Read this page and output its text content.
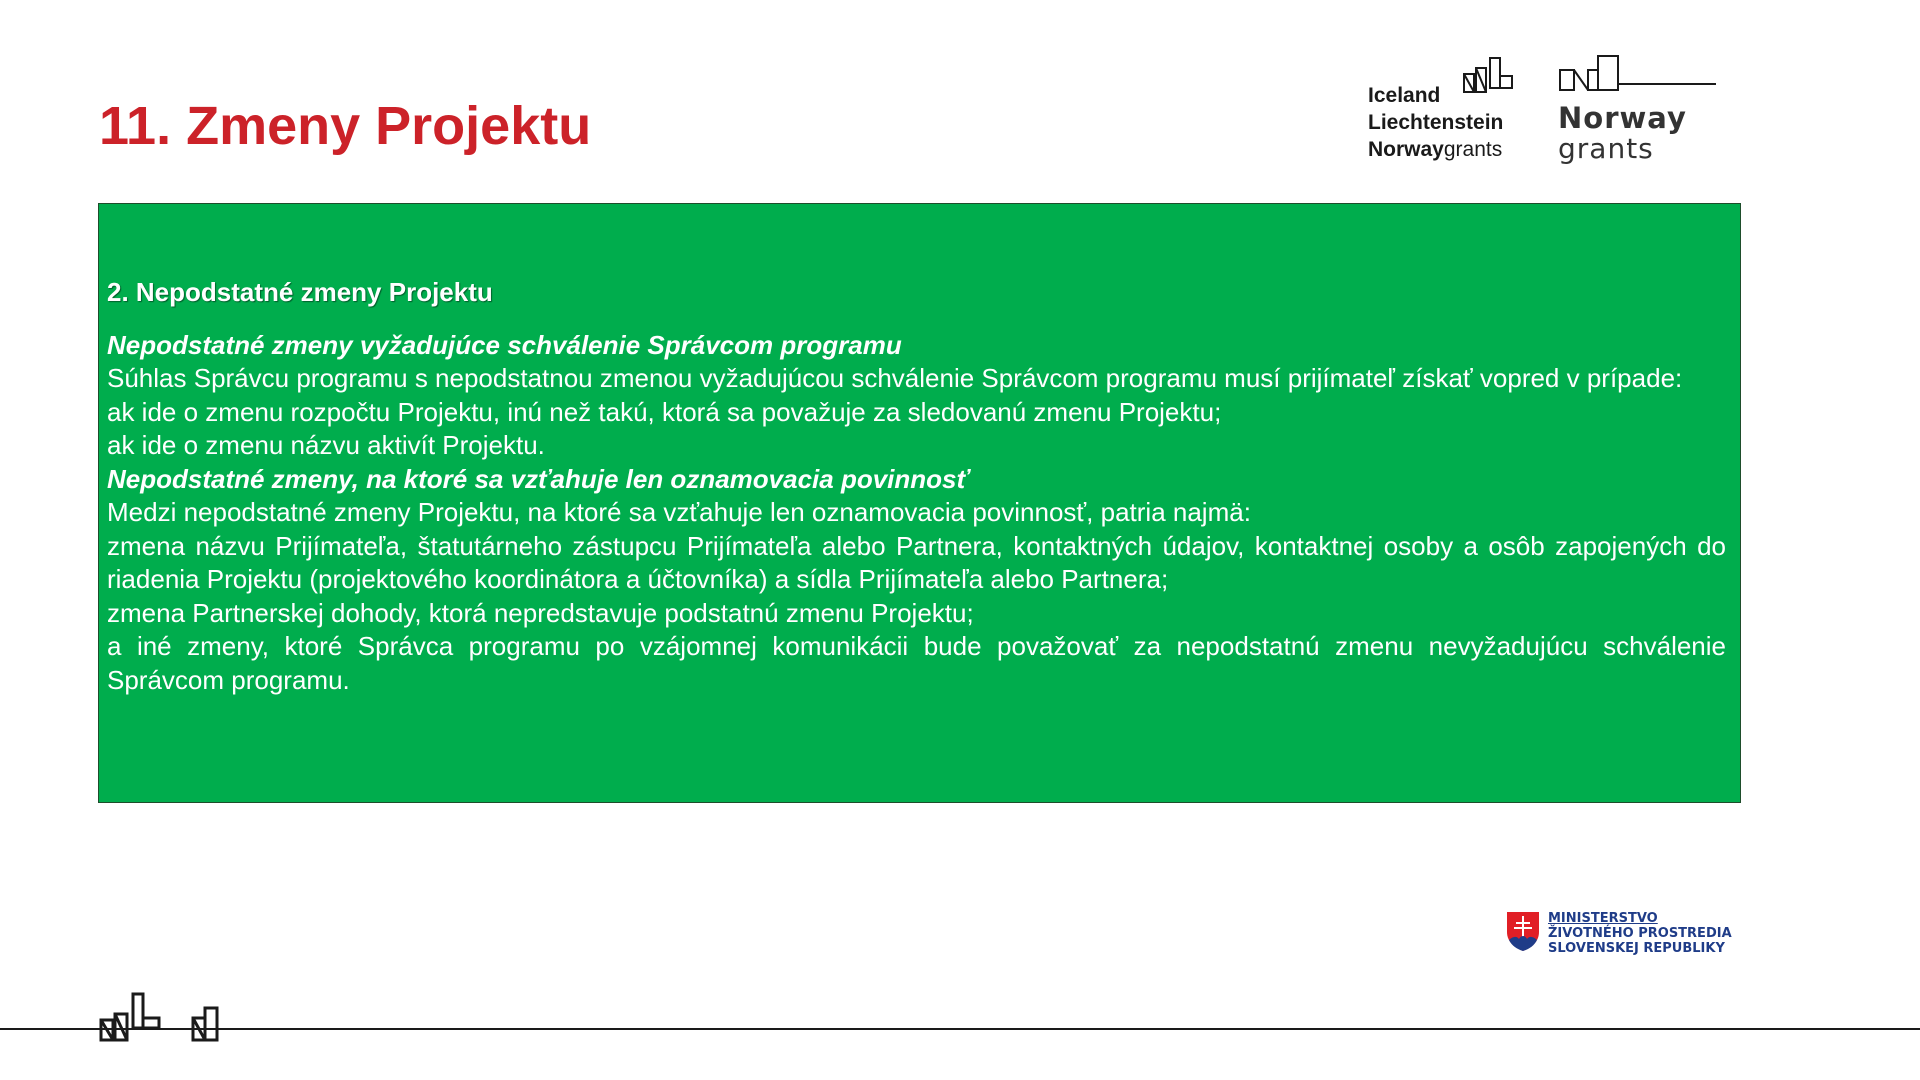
11. Zmeny Projektu
Iceland
Liechtenstein
Norwaygrants
Norway
grants
2. Nepodstatné zmeny Projektu
Nepodstatné zmeny vyžadujúce schválenie Správcom programu
Súhlas Správcu programu s nepodstatnou zmenou vyžadujúcou schválenie Správcom programu musí prijímateľ získať vopred v prípade:
ak ide o zmenu rozpočtu Projektu, inú než takú, ktorá sa považuje za sledovanú zmenu Projektu;
ak ide o zmenu názvu aktivít Projektu.
Nepodstatné zmeny, na ktoré sa vzťahuje len oznamovacia povinnosť
Medzi nepodstatné zmeny Projektu, na ktoré sa vzťahuje len oznamovacia povinnosť, patria najmä:
zmena názvu Prijímateľa, štatutárneho zástupcu Prijímateľa alebo Partnera, kontaktných údajov, kontaktnej osoby a osôb zapojených do riadenia Projektu (projektového koordinátora a účtovníka) a sídla Prijímateľa alebo Partnera;
zmena Partnerskej dohody, ktorá nepredstavuje podstatnú zmenu Projektu;
a iné zmeny, ktoré Správca programu po vzájomnej komunikácii bude považovať za nepodstatnú zmenu nevyžadujúcu schválenie Správcom programu.
MINISTERSTVO
ŽIVOTNÉHO PROSTREDIA
SLOVENSKEJ REPUBLIKY
